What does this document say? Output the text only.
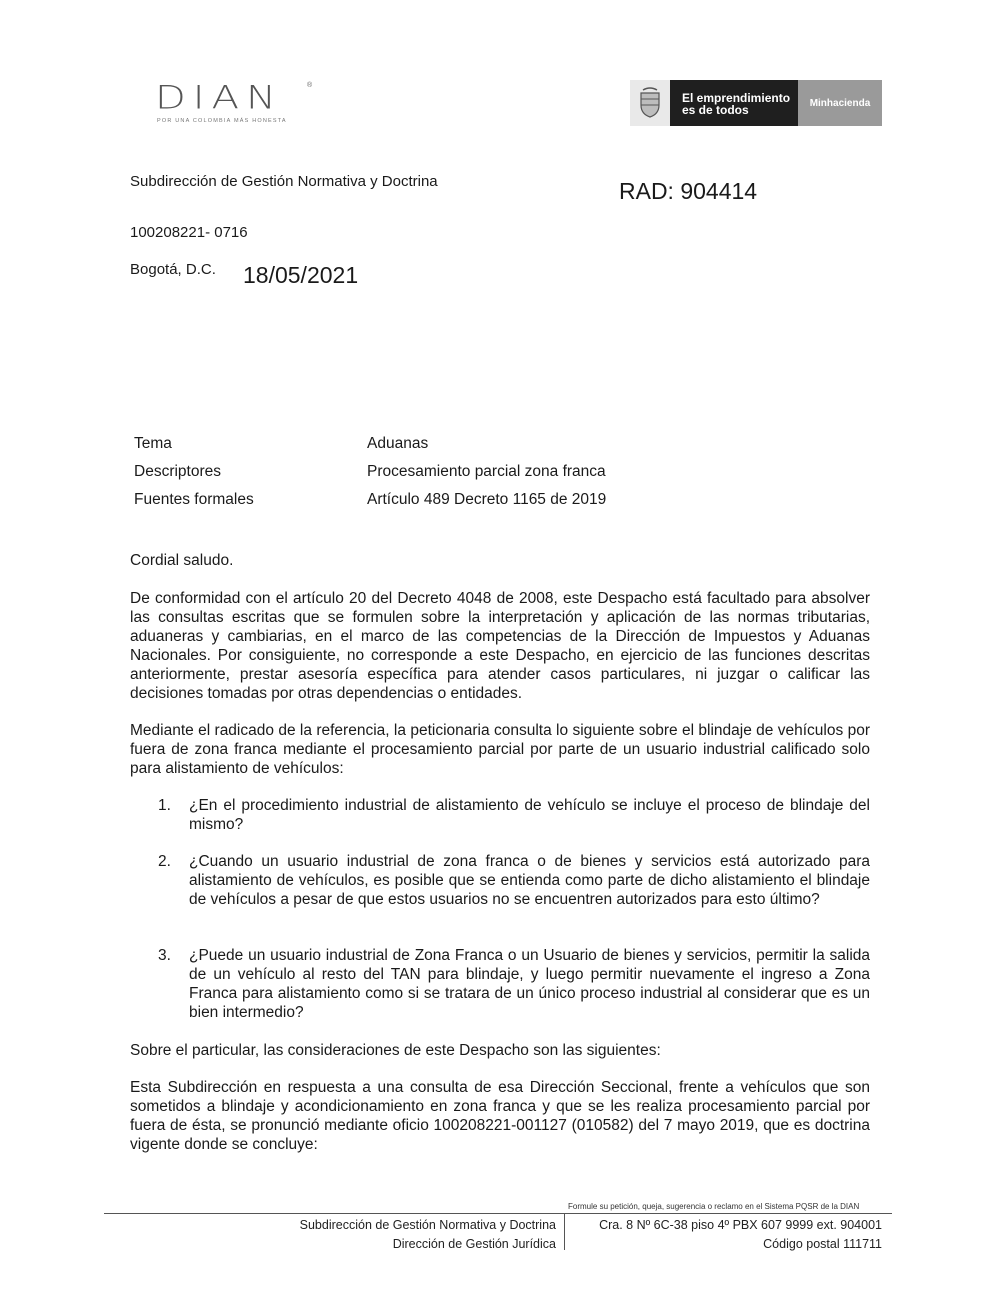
DIAN	®
POR UNA COLOMBIA MÁS HONESTA
El emprendimiento
es de todos	Minhacienda
Subdirección de Gestión Normativa y Doctrina	RAD: 904414
100208221- 0716
Bogotá, D.C. 18/05/2021
Tema	Aduanas
Descriptores	Procesamiento parcial zona franca
Fuentes formales	Artículo 489 Decreto 1165 de 2019
Cordial saludo.

De conformidad con el artículo 20 del Decreto 4048 de 2008, este Despacho está facultado para absolver las consultas escritas que se formulen sobre la interpretación y aplicación de las normas tributarias, aduaneras y cambiarias, en el marco de las competencias de la Dirección de Impuestos y Aduanas Nacionales. Por consiguiente, no corresponde a este Despacho, en ejercicio de las funciones descritas anteriormente, prestar asesoría específica para atender casos particulares, ni juzgar o calificar las decisiones tomadas por otras dependencias o entidades.

Mediante el radicado de la referencia, la peticionaria consulta lo siguiente sobre el blindaje de vehículos por fuera de zona franca mediante el procesamiento parcial por parte de un usuario industrial calificado solo para alistamiento de vehículos:

1. ¿En el procedimiento industrial de alistamiento de vehículo se incluye el proceso de blindaje del mismo?
2. ¿Cuando un usuario industrial de zona franca o de bienes y servicios está autorizado para alistamiento de vehículos, es posible que se entienda como parte de dicho alistamiento el blindaje de vehículos a pesar de que estos usuarios no se encuentren autorizados para esto último?
3. ¿Puede un usuario industrial de Zona Franca o un Usuario de bienes y servicios, permitir la salida de un vehículo al resto del TAN para blindaje, y luego permitir nuevamente el ingreso a Zona Franca para alistamiento como si se tratara de un único proceso industrial al considerar que es un bien intermedio?

Sobre el particular, las consideraciones de este Despacho son las siguientes:

Esta Subdirección en respuesta a una consulta de esa Dirección Seccional, frente a vehículos que son sometidos a blindaje y acondicionamiento en zona franca y que se les realiza procesamiento parcial por fuera de ésta, se pronunció mediante oficio 100208221-001127 (010582) del 7 mayo 2019, que es doctrina vigente donde se concluye:

Formule su petición, queja, sugerencia o reclamo en el Sistema PQSR de la DIAN
Subdirección de Gestión Normativa y Doctrina
Dirección de Gestión Jurídica
Cra. 8 Nº 6C-38 piso 4º PBX 607 9999 ext. 904001
Código postal 111711
